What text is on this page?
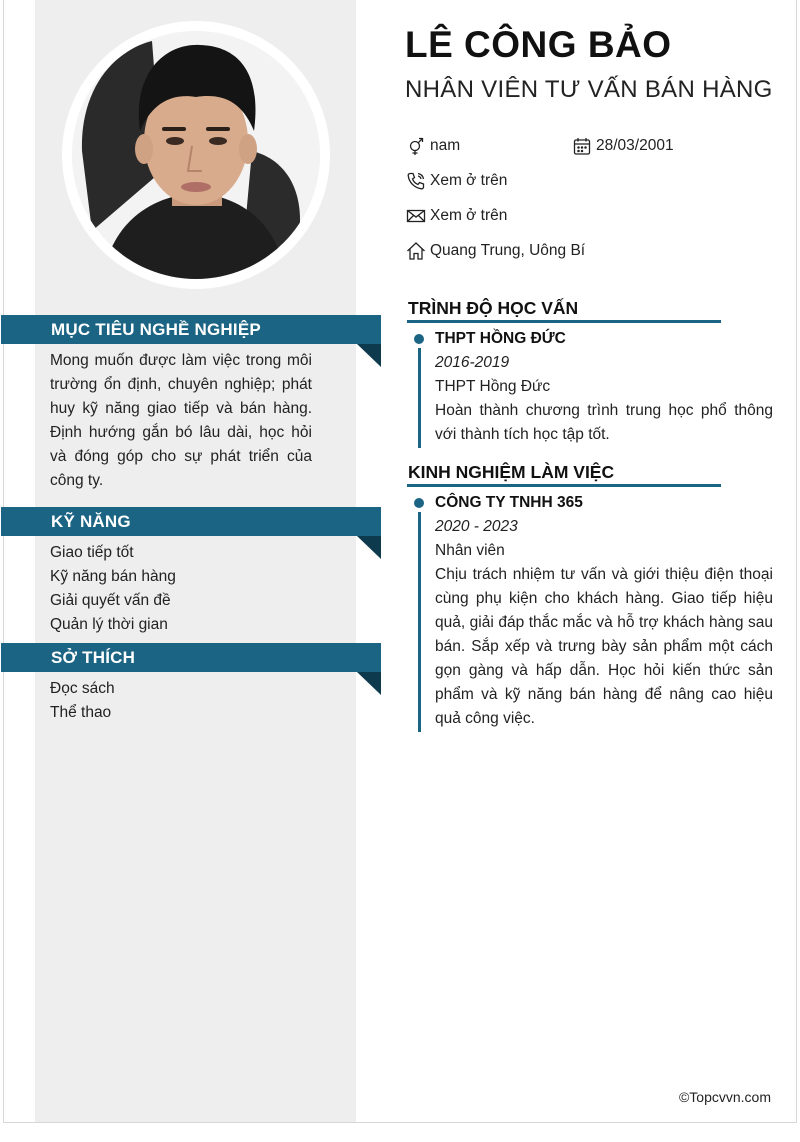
MỤC TIÊU NGHỀ NGHIỆP
Mong muốn được làm việc trong môi trường ổn định, chuyên nghiệp; phát huy kỹ năng giao tiếp và bán hàng. Định hướng gắn bó lâu dài, học hỏi và đóng góp cho sự phát triển của công ty.
KỸ NĂNG
Giao tiếp tốt
Kỹ năng bán hàng
Giải quyết vấn đề
Quản lý thời gian
SỞ THÍCH
Đọc sách
Thể thao
LÊ CÔNG BẢO
NHÂN VIÊN TƯ VẤN BÁN HÀNG
nam	28/03/2001
Xem ở trên
Xem ở trên
Quang Trung, Uông Bí
TRÌNH ĐỘ HỌC VẤN
THPT HỒNG ĐỨC
2016-2019
THPT Hồng Đức
Hoàn thành chương trình trung học phổ thông với thành tích học tập tốt.
KINH NGHIỆM LÀM VIỆC
CÔNG TY TNHH 365
2020 - 2023
Nhân viên
Chịu trách nhiệm tư vấn và giới thiệu điện thoại cùng phụ kiện cho khách hàng. Giao tiếp hiệu quả, giải đáp thắc mắc và hỗ trợ khách hàng sau bán. Sắp xếp và trưng bày sản phẩm một cách gọn gàng và hấp dẫn. Học hỏi kiến thức sản phẩm và kỹ năng bán hàng để nâng cao hiệu quả công việc.
©Topcvvn.com
